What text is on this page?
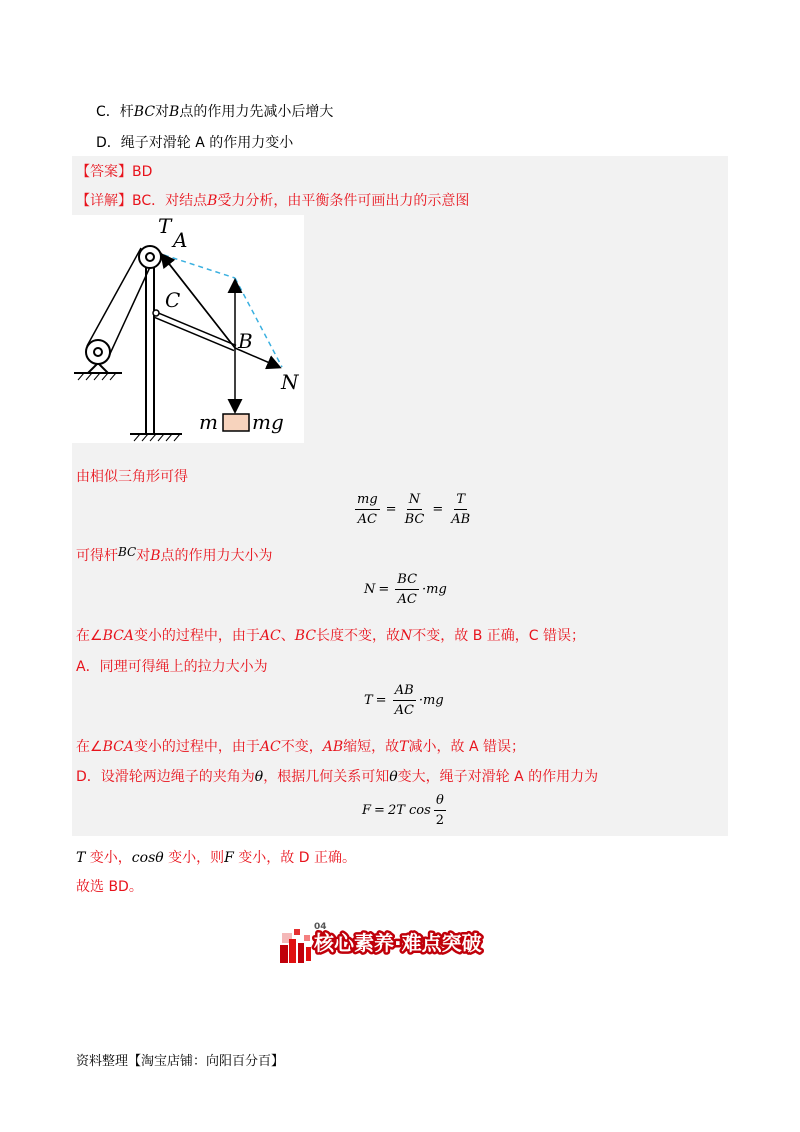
C．杆BC对B点的作用力先减小后增大
D．绳子对滑轮 A 的作用力变小
【答案】BD
【详解】BC．对结点B受力分析，由平衡条件可画出力的示意图
T
A
C
B
N
m mg
由相似三角形可得
$\frac{mg}{AC} = \frac{N}{BC} = \frac{T}{AB}$
可得杆BC对B点的作用力大小为
$N = \frac{BC}{AC} \cdot mg$
在∠BCA变小的过程中，由于AC、BC长度不变，故N不变，故 B 正确，C 错误；
A．同理可得绳上的拉力大小为
$T = \frac{AB}{AC} \cdot mg$
在∠BCA变小的过程中，由于AC不变，AB缩短，故T减小，故 A 错误；
D．设滑轮两边绳子的夹角为θ，根据几何关系可知θ变大，绳子对滑轮 A 的作用力为
F = 2T $\cos \frac{\theta}{2}$
T 变小，cosθ 变小，则F 变小，故 D 正确。
故选 BD。
04
核心素养·难点突破
资料整理【淘宝店铺：向阳百分百】
